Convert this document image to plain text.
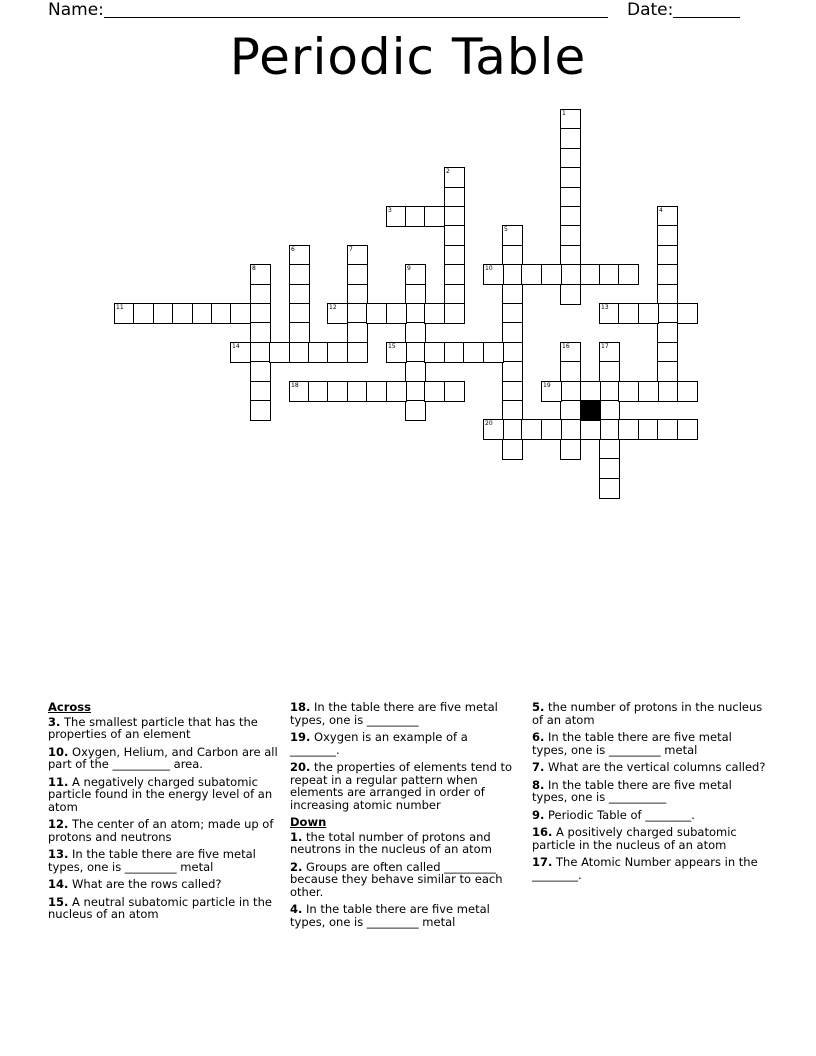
Name:	Date:
Periodic Table
1
2
3	4
5
6	7
8	9	10
11	12	13
14	15	16	17
18	19
20
Across
3. The smallest particle that has the properties of an element
10. Oxygen, Helium, and Carbon are all part of the __________ area.
11. A negatively charged subatomic particle found in the energy level of an atom
12. The center of an atom; made up of protons and neutrons
13. In the table there are five metal types, one is _________ metal
14. What are the rows called?
15. A neutral subatomic particle in the nucleus of an atom
18. In the table there are five metal types, one is _________
19. Oxygen is an example of a ________.
20. the properties of elements tend to repeat in a regular pattern when elements are arranged in order of increasing atomic number
Down
1. the total number of protons and neutrons in the nucleus of an atom
2. Groups are often called _________ because they behave similar to each other.
4. In the table there are five metal types, one is _________ metal
5. the number of protons in the nucleus of an atom
6. In the table there are five metal types, one is _________ metal
7. What are the vertical columns called?
8. In the table there are five metal types, one is __________
9. Periodic Table of ________.
16. A positively charged subatomic particle in the nucleus of an atom
17. The Atomic Number appears in the ________.
